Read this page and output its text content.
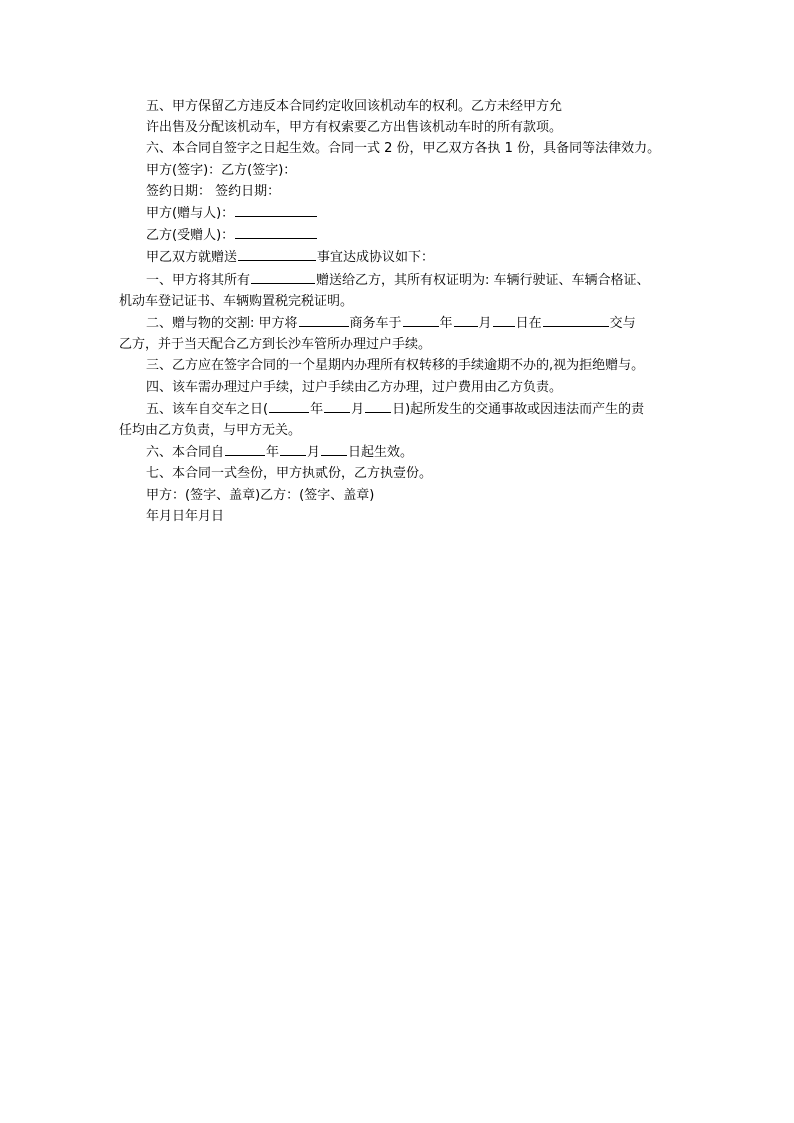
五、甲方保留乙方违反本合同约定收回该机动车的权利。乙方未经甲方允
许出售及分配该机动车，甲方有权索要乙方出售该机动车时的所有款项。
六、本合同自签字之日起生效。合同一式 2 份，甲乙双方各执 1 份，具备同等法律效力。
甲方(签字)：乙方(签字)：
签约日期： 签约日期：
甲方(赠与人)：
乙方(受赠人)：
甲乙双方就赠送	事宜达成协议如下：
一、甲方将其所有	赠送给乙方，其所有权证明为: 车辆行驶证、车辆合格证、
机动车登记证书、车辆购置税完税证明。
二、赠与物的交割: 甲方将	商务车于	年 月 日在	交与
乙方，并于当天配合乙方到长沙车管所办理过户手续。
三、乙方应在签字合同的一个星期内办理所有权转移的手续逾期不办的,视为拒绝赠与。
四、该车需办理过户手续，过户手续由乙方办理，过户费用由乙方负责。
五、该车自交车之日(	年 月 日)起所发生的交通事故或因违法而产生的责
任均由乙方负责，与甲方无关。
六、本合同自	年 月 日起生效。
七、本合同一式叁份，甲方执贰份，乙方执壹份。
甲方：(签字、盖章)乙方：(签字、盖章)
年月日年月日
